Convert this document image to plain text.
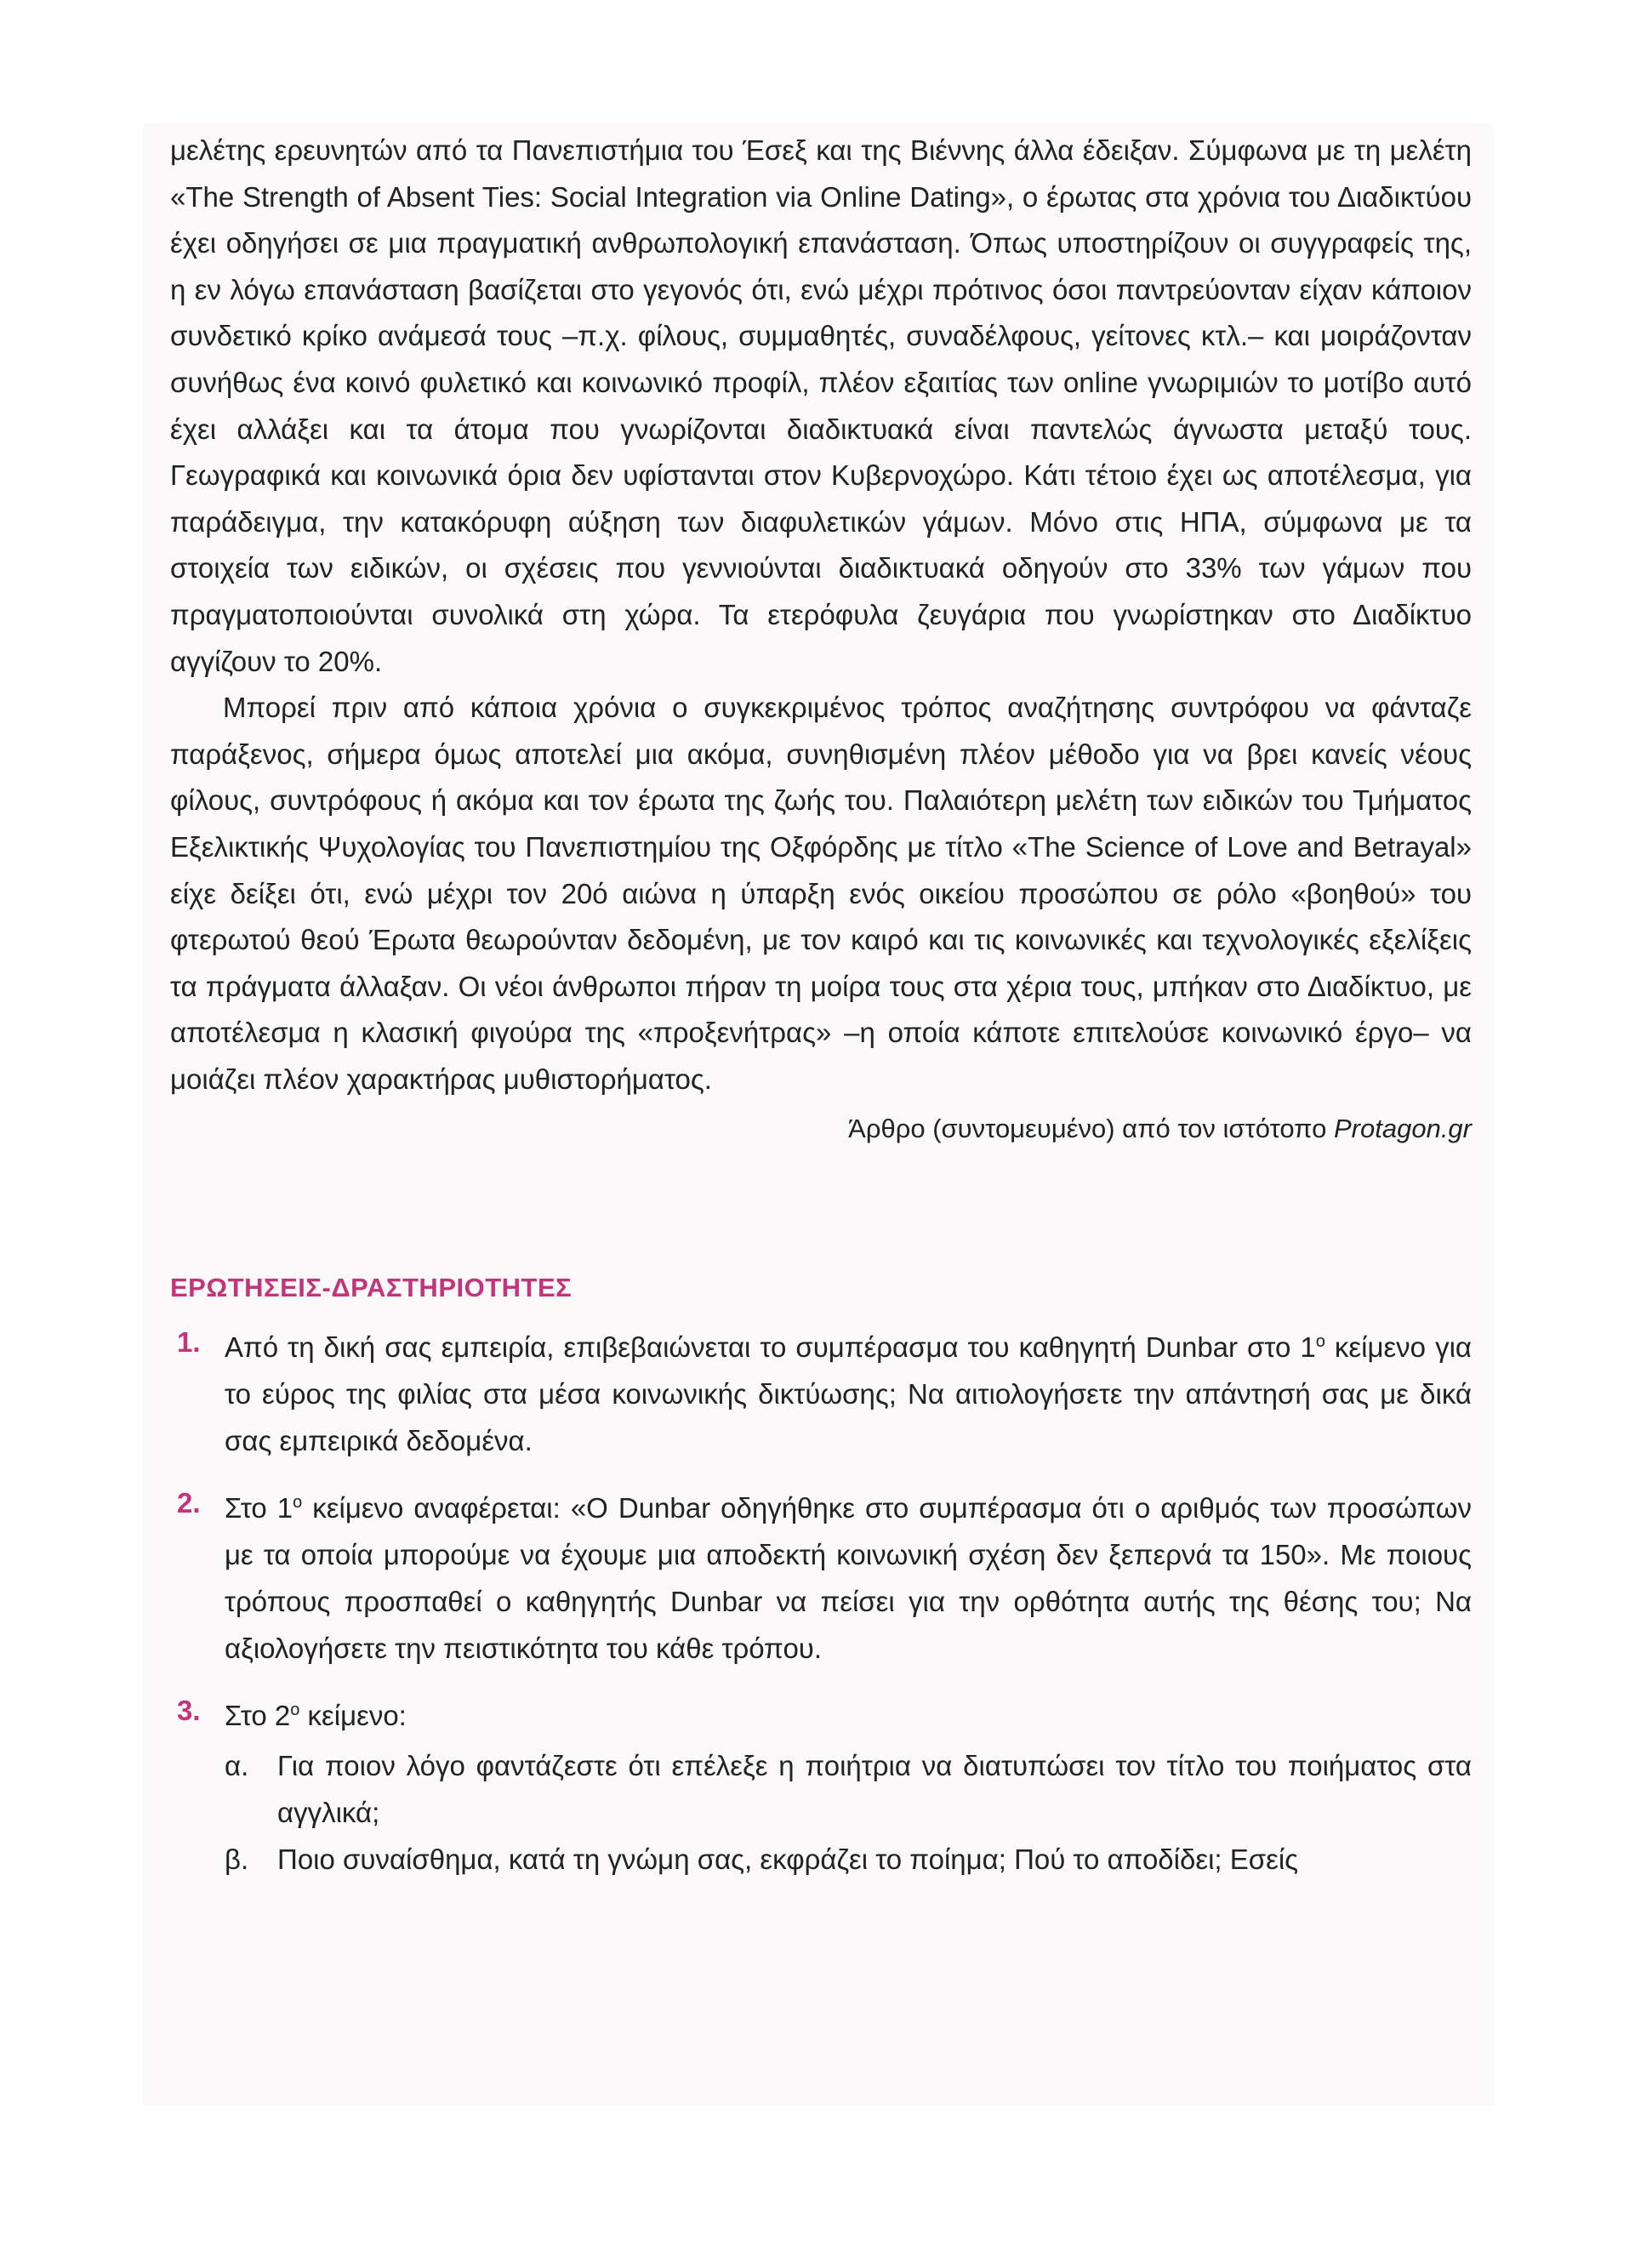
μελέτης ερευνητών από τα Πανεπιστήμια του Έσεξ και της Βιέννης άλλα έδειξαν. Σύμφωνα με τη μελέτη «The Strength of Absent Ties: Social Integration via Online Dating», ο έρωτας στα χρόνια του Διαδικτύου έχει οδηγήσει σε μια πραγματική ανθρωπολογική επανάσταση. Όπως υποστηρίζουν οι συγγραφείς της, η εν λόγω επανάσταση βασίζεται στο γεγονός ότι, ενώ μέχρι πρότινος όσοι παντρεύονταν είχαν κάποιον συνδετικό κρίκο ανάμεσά τους –π.χ. φίλους, συμμαθητές, συναδέλφους, γείτονες κτλ.– και μοιράζονταν συνήθως ένα κοινό φυλετικό και κοινωνικό προφίλ, πλέον εξαιτίας των online γνωριμιών το μοτίβο αυτό έχει αλλάξει και τα άτομα που γνωρίζονται διαδικτυακά είναι παντελώς άγνωστα μεταξύ τους. Γεωγραφικά και κοινωνικά όρια δεν υφίστανται στον Κυβερνοχώρο. Κάτι τέτοιο έχει ως αποτέλεσμα, για παράδειγμα, την κατακόρυφη αύξηση των διαφυλετικών γάμων. Μόνο στις ΗΠΑ, σύμφωνα με τα στοιχεία των ειδικών, οι σχέσεις που γεννιούνται διαδικτυακά οδηγούν στο 33% των γάμων που πραγματοποιούνται συνολικά στη χώρα. Τα ετερόφυλα ζευγάρια που γνωρίστηκαν στο Διαδίκτυο αγγίζουν το 20%.

Μπορεί πριν από κάποια χρόνια ο συγκεκριμένος τρόπος αναζήτησης συντρόφου να φάνταζε παράξενος, σήμερα όμως αποτελεί μια ακόμα, συνηθισμένη πλέον μέθοδο για να βρει κανείς νέους φίλους, συντρόφους ή ακόμα και τον έρωτα της ζωής του. Παλαιότερη μελέτη των ειδικών του Τμήματος Εξελικτικής Ψυχολογίας του Πανεπιστημίου της Οξφόρδης με τίτλο «The Science of Love and Betrayal» είχε δείξει ότι, ενώ μέχρι τον 20ό αιώνα η ύπαρξη ενός οικείου προσώπου σε ρόλο «βοηθού» του φτερωτού θεού Έρωτα θεωρούνταν δεδομένη, με τον καιρό και τις κοινωνικές και τεχνολογικές εξελίξεις τα πράγματα άλλαξαν. Οι νέοι άνθρωποι πήραν τη μοίρα τους στα χέρια τους, μπήκαν στο Διαδίκτυο, με αποτέλεσμα η κλασική φιγούρα της «προξενήτρας» –η οποία κάποτε επιτελούσε κοινωνικό έργο– να μοιάζει πλέον χαρακτήρας μυθιστορήματος.

Άρθρο (συντομευμένο) από τον ιστότοπο Protagon.gr

ΕΡΩΤΗΣΕΙΣ-ΔΡΑΣΤΗΡΙΟΤΗΤΕΣ
1. Από τη δική σας εμπειρία, επιβεβαιώνεται το συμπέρασμα του καθηγητή Dunbar στο $1^o$ κείμενο για το εύρος της φιλίας στα μέσα κοινωνικής δικτύωσης; Να αιτιολογήσετε την απάντησή σας με δικά σας εμπειρικά δεδομένα.
2. Στο $1^o$ κείμενο αναφέρεται: «Ο Dunbar οδηγήθηκε στο συμπέρασμα ότι ο αριθμός των προσώπων με τα οποία μπορούμε να έχουμε μια αποδεκτή κοινωνική σχέση δεν ξεπερνά τα 150». Με ποιους τρόπους προσπαθεί ο καθηγητής Dunbar να πείσει για την ορθότητα αυτής της θέσης του; Να αξιολογήσετε την πειστικότητα του κάθε τρόπου.
3. Στο $2^o$ κείμενο:
α. Για ποιον λόγο φαντάζεστε ότι επέλεξε η ποιήτρια να διατυπώσει τον τίτλο του ποιήματος στα αγγλικά;
β. Ποιο συναίσθημα, κατά τη γνώμη σας, εκφράζει το ποίημα; Πού το αποδίδει; Εσείς
